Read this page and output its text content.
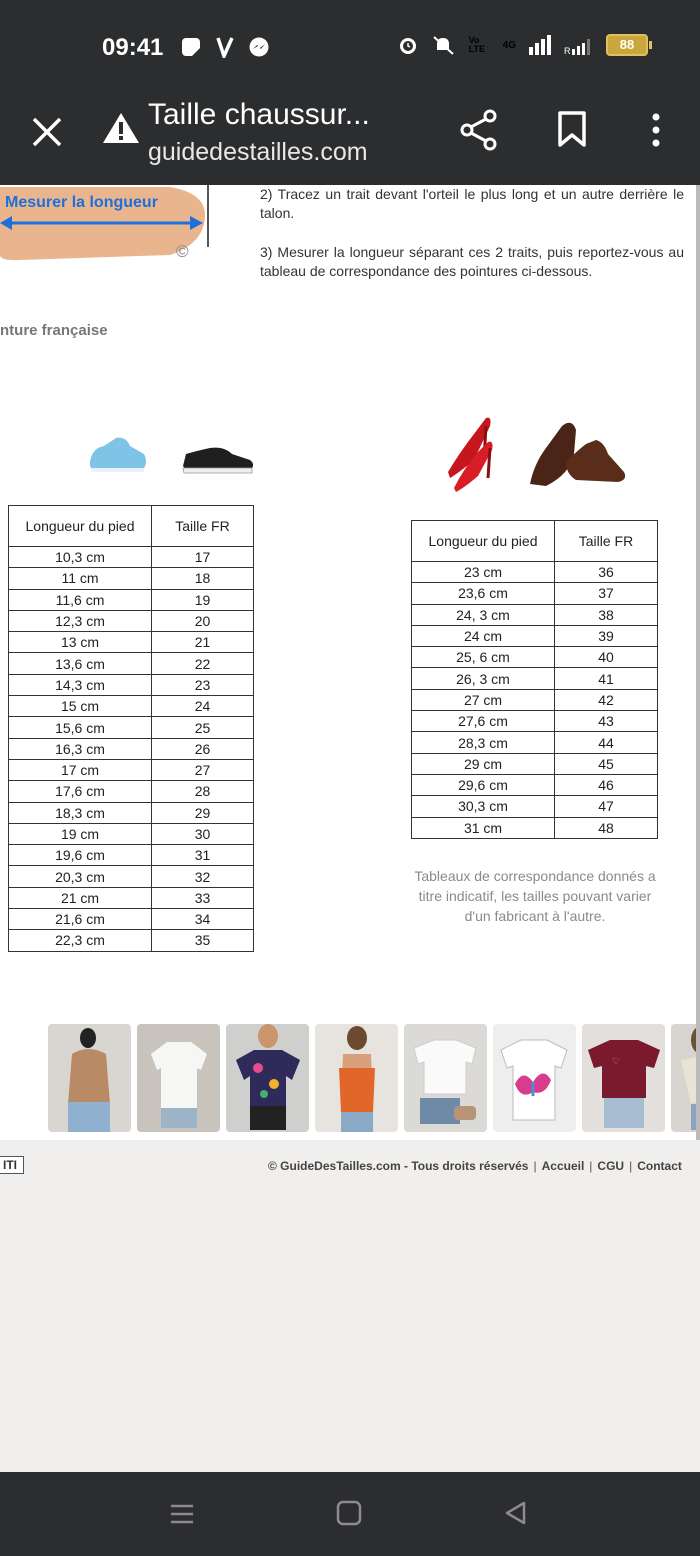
09:41	Vo LTE	4G
R	88
Taille chaussur...
guidedestailles.com
Mesurer la longueur
©
2) Tracez un trait devant l'orteil le plus long et un autre derrière le talon.
3) Mesurer la longueur séparant ces 2 traits, puis reportez-vous au tableau de correspondance des pointures ci-dessous.
nture française
Longueur du pied	Taille FR
10,3 cm	17
11 cm	18
11,6 cm	19
12,3 cm	20
13 cm	21
13,6 cm	22
14,3 cm	23
15 cm	24
15,6 cm	25
16,3 cm	26
17 cm	27
17,6 cm	28
18,3 cm	29
19 cm	30
19,6 cm	31
20,3 cm	32
21 cm	33
21,6 cm	34
22,3 cm	35
Longueur du pied	Taille FR
23 cm	36
23,6 cm	37
24, 3 cm	38
24 cm	39
25, 6 cm	40
26, 3 cm	41
27 cm	42
27,6 cm	43
28,3 cm	44
29 cm	45
29,6 cm	46
30,3 cm	47
31 cm	48
Tableaux de correspondance donnés a titre indicatif, les tailles pouvant varier d'un fabricant à l'autre.
♡
ITI	© GuideDesTailles.com - Tous droits réservés | Accueil | CGU | Contact
